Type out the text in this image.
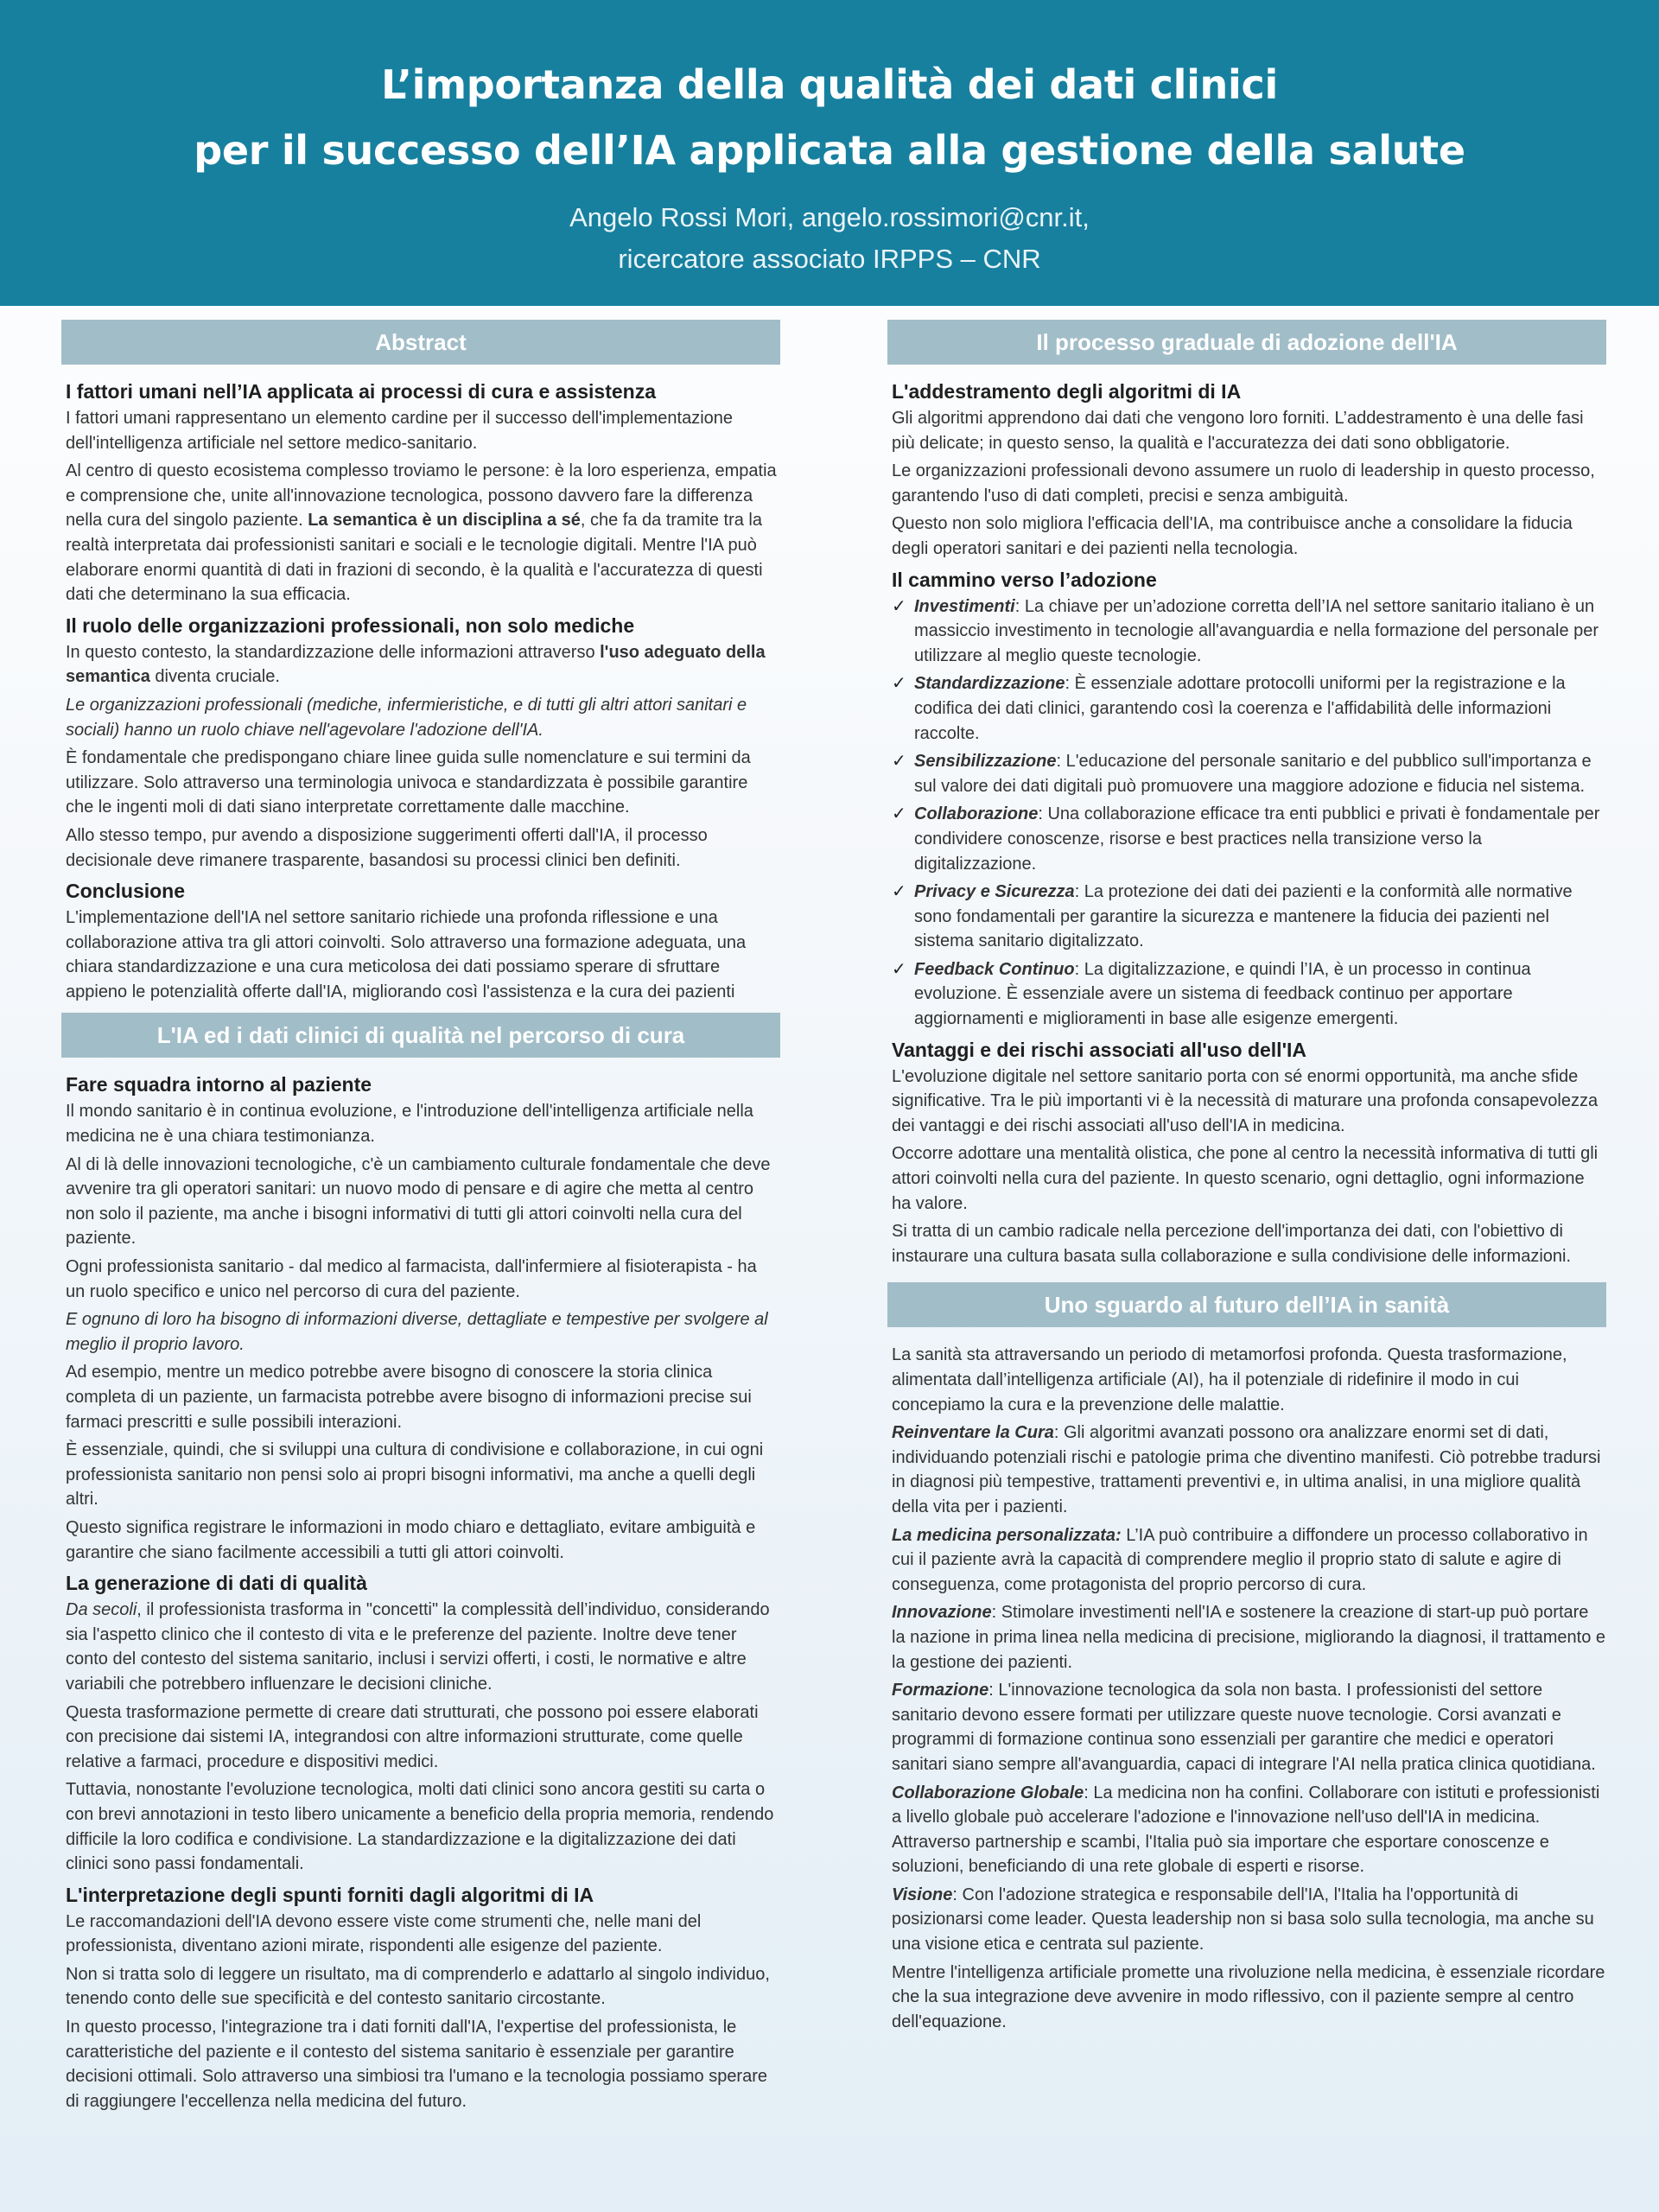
L’importanza della qualità dei dati clinici

per il successo dell’IA applicata alla gestione della salute

Angelo Rossi Mori, angelo.rossimori@cnr.it,
ricercatore associato IRPPS – CNR
Abstract
I fattori umani nell’IA applicata ai processi di cura e assistenza

I fattori umani rappresentano un elemento cardine per il successo dell'implementazione dell'intelligenza artificiale nel settore medico-sanitario.

Al centro di questo ecosistema complesso troviamo le persone: è la loro esperienza, empatia e comprensione che, unite all'innovazione tecnologica, possono davvero fare la differenza nella cura del singolo paziente. La semantica è un disciplina a sé, che fa da tramite tra la realtà interpretata dai professionisti sanitari e sociali e le tecnologie digitali. Mentre l'IA può elaborare enormi quantità di dati in frazioni di secondo, è la qualità e l'accuratezza di questi dati che determinano la sua efficacia.

Il ruolo delle organizzazioni professionali, non solo mediche

In questo contesto, la standardizzazione delle informazioni attraverso l'uso adeguato della semantica diventa cruciale.

Le organizzazioni professionali (mediche, infermieristiche, e di tutti gli altri attori sanitari e sociali) hanno un ruolo chiave nell'agevolare l'adozione dell'IA.

È fondamentale che predispongano chiare linee guida sulle nomenclature e sui termini da utilizzare. Solo attraverso una terminologia univoca e standardizzata è possibile garantire che le ingenti moli di dati siano interpretate correttamente dalle macchine.

Allo stesso tempo, pur avendo a disposizione suggerimenti offerti dall'IA, il processo decisionale deve rimanere trasparente, basandosi su processi clinici ben definiti.

Conclusione

L'implementazione dell'IA nel settore sanitario richiede una profonda riflessione e una collaborazione attiva tra gli attori coinvolti. Solo attraverso una formazione adeguata, una chiara standardizzazione e una cura meticolosa dei dati possiamo sperare di sfruttare appieno le potenzialità offerte dall'IA, migliorando così l'assistenza e la cura dei pazienti

L'IA ed i dati clinici di qualità nel percorso di cura
Fare squadra intorno al paziente

Il mondo sanitario è in continua evoluzione, e l'introduzione dell'intelligenza artificiale nella medicina ne è una chiara testimonianza.

Al di là delle innovazioni tecnologiche, c'è un cambiamento culturale fondamentale che deve avvenire tra gli operatori sanitari: un nuovo modo di pensare e di agire che metta al centro non solo il paziente, ma anche i bisogni informativi di tutti gli attori coinvolti nella cura del paziente.

Ogni professionista sanitario - dal medico al farmacista, dall'infermiere al fisioterapista - ha un ruolo specifico e unico nel percorso di cura del paziente.

E ognuno di loro ha bisogno di informazioni diverse, dettagliate e tempestive per svolgere al meglio il proprio lavoro.

Ad esempio, mentre un medico potrebbe avere bisogno di conoscere la storia clinica completa di un paziente, un farmacista potrebbe avere bisogno di informazioni precise sui farmaci prescritti e sulle possibili interazioni.

È essenziale, quindi, che si sviluppi una cultura di condivisione e collaborazione, in cui ogni professionista sanitario non pensi solo ai propri bisogni informativi, ma anche a quelli degli altri.

Questo significa registrare le informazioni in modo chiaro e dettagliato, evitare ambiguità e garantire che siano facilmente accessibili a tutti gli attori coinvolti.

La generazione di dati di qualità

Da secoli, il professionista trasforma in "concetti" la complessità dell’individuo, considerando sia l'aspetto clinico che il contesto di vita e le preferenze del paziente. Inoltre deve tener conto del contesto del sistema sanitario, inclusi i servizi offerti, i costi, le normative e altre variabili che potrebbero influenzare le decisioni cliniche.

Questa trasformazione permette di creare dati strutturati, che possono poi essere elaborati con precisione dai sistemi IA, integrandosi con altre informazioni strutturate, come quelle relative a farmaci, procedure e dispositivi medici.

Tuttavia, nonostante l'evoluzione tecnologica, molti dati clinici sono ancora gestiti su carta o con brevi annotazioni in testo libero unicamente a beneficio della propria memoria, rendendo difficile la loro codifica e condivisione. La standardizzazione e la digitalizzazione dei dati clinici sono passi fondamentali.

L'interpretazione degli spunti forniti dagli algoritmi di IA

Le raccomandazioni dell'IA devono essere viste come strumenti che, nelle mani del professionista, diventano azioni mirate, rispondenti alle esigenze del paziente.

Non si tratta solo di leggere un risultato, ma di comprenderlo e adattarlo al singolo individuo, tenendo conto delle sue specificità e del contesto sanitario circostante.

In questo processo, l'integrazione tra i dati forniti dall'IA, l'expertise del professionista, le caratteristiche del paziente e il contesto del sistema sanitario è essenziale per garantire decisioni ottimali. Solo attraverso una simbiosi tra l'umano e la tecnologia possiamo sperare di raggiungere l'eccellenza nella medicina del futuro.

Il processo graduale di adozione dell'IA
L'addestramento degli algoritmi di IA

Gli algoritmi apprendono dai dati che vengono loro forniti. L’addestramento è una delle fasi più delicate; in questo senso, la qualità e l'accuratezza dei dati sono obbligatorie.

Le organizzazioni professionali devono assumere un ruolo di leadership in questo processo, garantendo l'uso di dati completi, precisi e senza ambiguità.

Questo non solo migliora l'efficacia dell'IA, ma contribuisce anche a consolidare la fiducia degli operatori sanitari e dei pazienti nella tecnologia.

Il cammino verso l’adozione
✓ Investimenti: La chiave per un’adozione corretta dell’IA nel settore sanitario italiano è un massiccio investimento in tecnologie all'avanguardia e nella formazione del personale per utilizzare al meglio queste tecnologie.
✓ Standardizzazione: È essenziale adottare protocolli uniformi per la registrazione e la codifica dei dati clinici, garantendo così la coerenza e l'affidabilità delle informazioni raccolte.
✓ Sensibilizzazione: L'educazione del personale sanitario e del pubblico sull'importanza e sul valore dei dati digitali può promuovere una maggiore adozione e fiducia nel sistema.
✓ Collaborazione: Una collaborazione efficace tra enti pubblici e privati è fondamentale per condividere conoscenze, risorse e best practices nella transizione verso la digitalizzazione.
✓ Privacy e Sicurezza: La protezione dei dati dei pazienti e la conformità alle normative sono fondamentali per garantire la sicurezza e mantenere la fiducia dei pazienti nel sistema sanitario digitalizzato.
✓ Feedback Continuo: La digitalizzazione, e quindi l’IA, è un processo in continua evoluzione. È essenziale avere un sistema di feedback continuo per apportare aggiornamenti e miglioramenti in base alle esigenze emergenti.
Vantaggi e dei rischi associati all'uso dell'IA

L'evoluzione digitale nel settore sanitario porta con sé enormi opportunità, ma anche sfide significative. Tra le più importanti vi è la necessità di maturare una profonda consapevolezza dei vantaggi e dei rischi associati all'uso dell'IA in medicina.

Occorre adottare una mentalità olistica, che pone al centro la necessità informativa di tutti gli attori coinvolti nella cura del paziente. In questo scenario, ogni dettaglio, ogni informazione ha valore.

Si tratta di un cambio radicale nella percezione dell'importanza dei dati, con l'obiettivo di instaurare una cultura basata sulla collaborazione e sulla condivisione delle informazioni.

Uno sguardo al futuro dell’IA in sanità

La sanità sta attraversando un periodo di metamorfosi profonda. Questa trasformazione, alimentata dall’intelligenza artificiale (AI), ha il potenziale di ridefinire il modo in cui concepiamo la cura e la prevenzione delle malattie.

Reinventare la Cura: Gli algoritmi avanzati possono ora analizzare enormi set di dati, individuando potenziali rischi e patologie prima che diventino manifesti. Ciò potrebbe tradursi in diagnosi più tempestive, trattamenti preventivi e, in ultima analisi, in una migliore qualità della vita per i pazienti.

La medicina personalizzata: L’IA può contribuire a diffondere un processo collaborativo in cui il paziente avrà la capacità di comprendere meglio il proprio stato di salute e agire di conseguenza, come protagonista del proprio percorso di cura.

Innovazione: Stimolare investimenti nell'IA e sostenere la creazione di start-up può portare la nazione in prima linea nella medicina di precisione, migliorando la diagnosi, il trattamento e la gestione dei pazienti.

Formazione: L'innovazione tecnologica da sola non basta. I professionisti del settore sanitario devono essere formati per utilizzare queste nuove tecnologie. Corsi avanzati e programmi di formazione continua sono essenziali per garantire che medici e operatori sanitari siano sempre all'avanguardia, capaci di integrare l'AI nella pratica clinica quotidiana.

Collaborazione Globale: La medicina non ha confini. Collaborare con istituti e professionisti a livello globale può accelerare l'adozione e l'innovazione nell'uso dell'IA in medicina. Attraverso partnership e scambi, l'Italia può sia importare che esportare conoscenze e soluzioni, beneficiando di una rete globale di esperti e risorse.

Visione: Con l'adozione strategica e responsabile dell'IA, l'Italia ha l'opportunità di posizionarsi come leader. Questa leadership non si basa solo sulla tecnologia, ma anche su una visione etica e centrata sul paziente.

Mentre l'intelligenza artificiale promette una rivoluzione nella medicina, è essenziale ricordare che la sua integrazione deve avvenire in modo riflessivo, con il paziente sempre al centro dell'equazione.
